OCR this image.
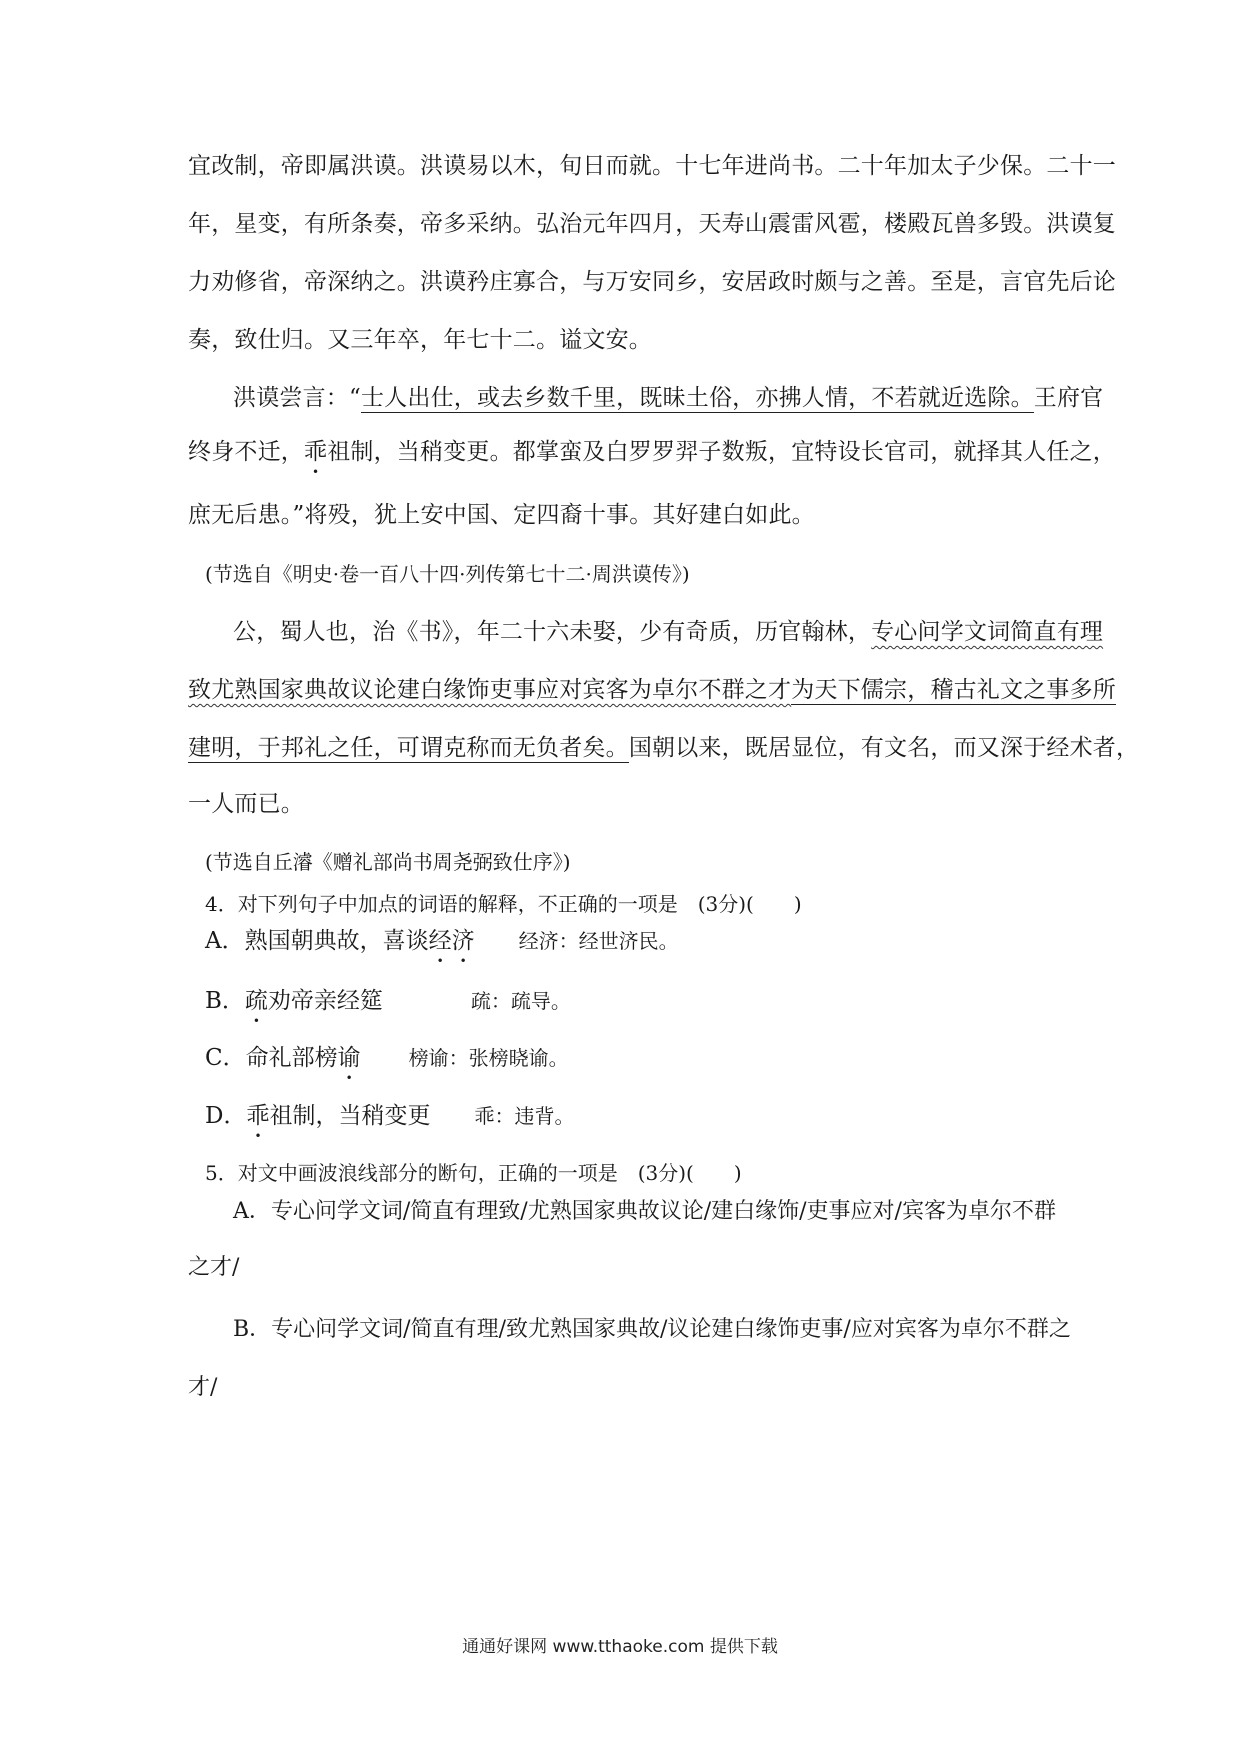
宜改制，帝即属洪谟。洪谟易以木，旬日而就。十七年进尚书。二十年加太子少保。二十一
年，星变，有所条奏，帝多采纳。弘治元年四月，天寿山震雷风雹，楼殿瓦兽多毁。洪谟复
力劝修省，帝深纳之。洪谟矜庄寡合，与万安同乡，安居政时颇与之善。至是，言官先后论
奏，致仕归。又三年卒，年七十二。谥文安。
洪谟尝言：“士人出仕，或去乡数千里，既昧土俗，亦拂人情，不若就近选除。王府官
终身不迁，乖祖制，当稍变更。都掌蛮及白罗罗羿子数叛，宜特设长官司，就择其人任之，
庶无后患。”将殁，犹上安中国、定四裔十事。其好建白如此。
(节选自《明史·卷一百八十四·列传第七十二·周洪谟传》)
公，蜀人也，治《书》，年二十六未娶，少有奇质，历官翰林，专心问学文词简直有理
致尤熟国家典故议论建白缘饰吏事应对宾客为卓尔不群之才为天下儒宗，稽古礼文之事多所
建明，于邦礼之任，可谓克称而无负者矣。国朝以来，既居显位，有文名，而又深于经术者，
一人而已。
(节选自丘濬《赠礼部尚书周尧弼致仕序》)
4．对下列句子中加点的词语的解释，不正确的一项是　(3分)(　　)
A．熟国朝典故，喜谈经济 经济：经世济民。
B．疏劝帝亲经筵	疏：疏导。
C．命礼部榜谕 榜谕：张榜晓谕。
D．乖祖制，当稍变更 乖：违背。
5．对文中画波浪线部分的断句，正确的一项是　(3分)(　　)
A．专心问学文词/简直有理致/尤熟国家典故议论/建白缘饰/吏事应对/宾客为卓尔不群
之才/
B．专心问学文词/简直有理/致尤熟国家典故/议论建白缘饰吏事/应对宾客为卓尔不群之
才/
通通好课网 www.tthaoke.com 提供下载
